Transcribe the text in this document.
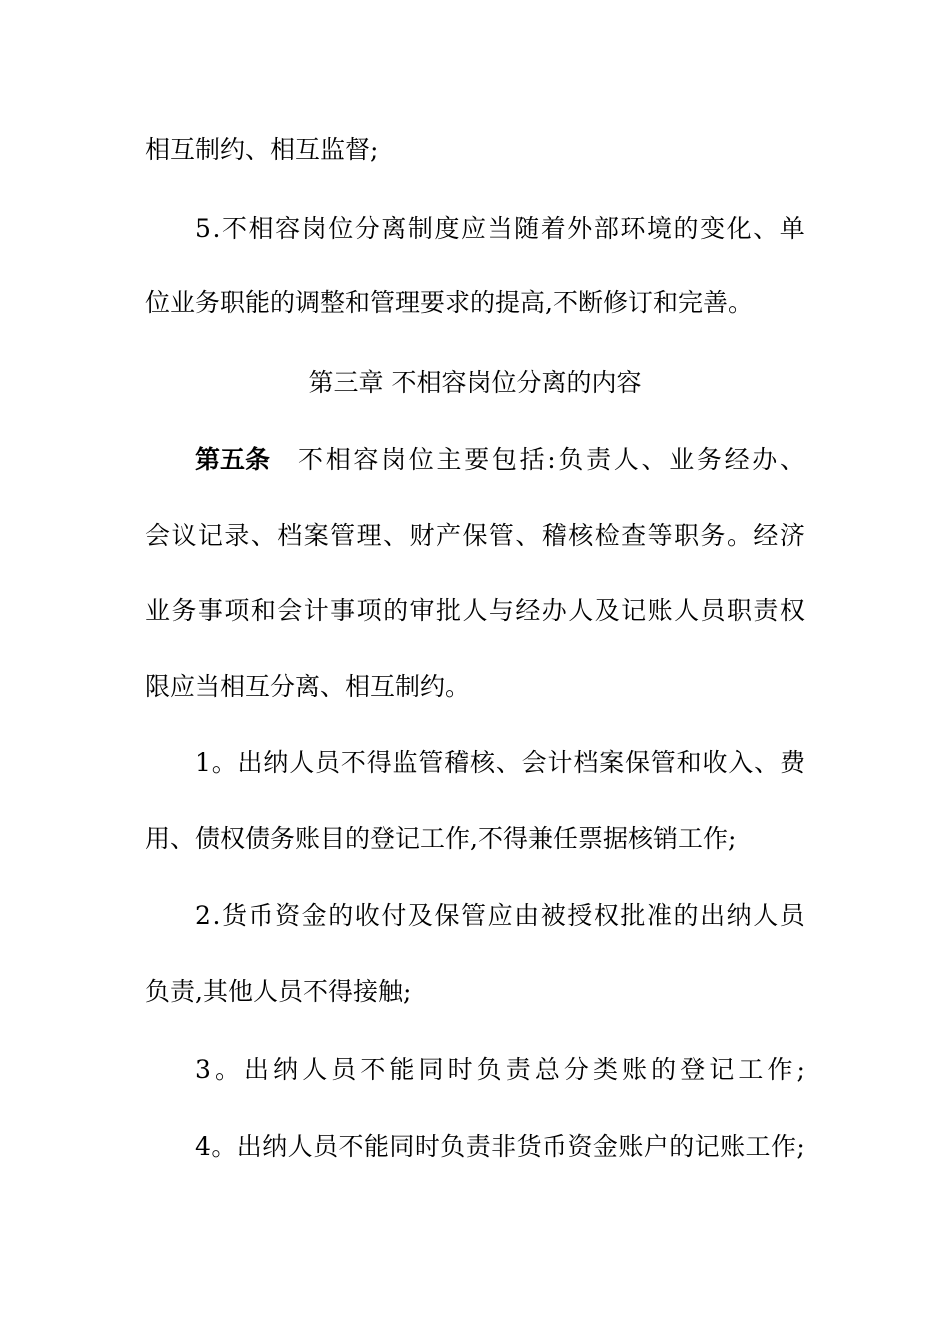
相互制约、相互监督;
5 . 不 相 容 岗 位 分 离 制 度 应 当 随 着 外 部 环 境 的 变 化 、 单
位业务职能的调整和管理要求的提高,不断修订和完善。
第三章 不相容岗位分离的内容
第五条 不相容岗位主要包括:负责人、业务经办、
会 议 记 录 、 档 案 管 理 、 财 产 保 管 、 稽 核 检 查 等 职 务 。 经 济
业 务 事 项 和 会 计 事 项 的 审 批 人 与 经 办 人 及 记 账 人 员 职 责 权
限应当相互分离、相互制约。
1 。 出 纳 人 员 不 得 监 管 稽 核 、 会 计 档 案 保 管 和 收 入 、 费
用、债权债务账目的登记工作,不得兼任票据核销工作;
2 . 货 币 资 金 的 收 付 及 保 管 应 由 被 授 权 批 准 的 出 纳 人 员
负责,其他人员不得接触;
3 。 出 纳 人 员 不 能 同 时 负 责 总 分 类 账 的 登 记 工 作 ;
4 。 出 纳 人 员 不 能 同 时 负 责 非 货 币 资 金 账 户 的 记 账 工 作 ;
